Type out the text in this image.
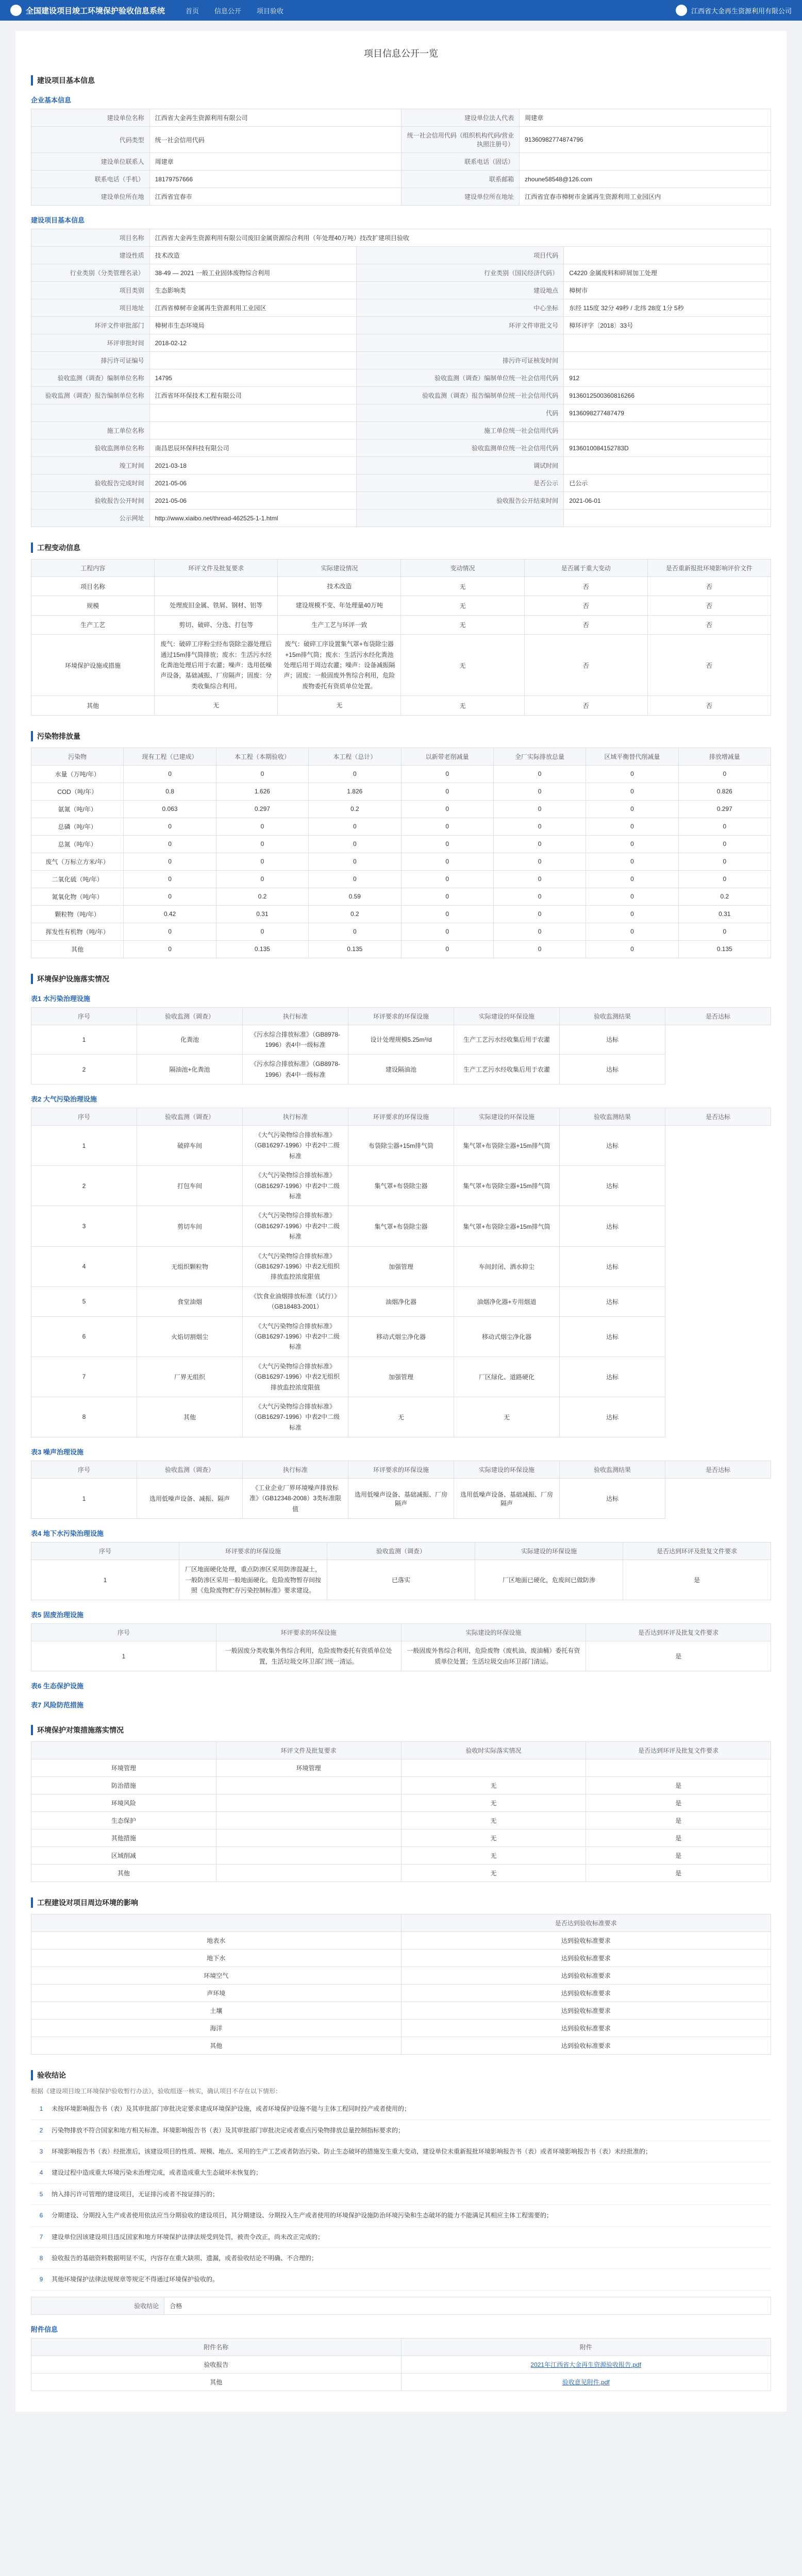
全国建设项目竣工环境保护验收信息系统	首页 信息公开 项目验收	江西省大金再生资源利用有限公司
项目信息公开一览
建设项目基本信息
企业基本信息
建设单位名称	江西省大金再生资源利用有限公司	建设单位法人代表	周建章
代码类型	统一社会信用代码	统一社会信用代码（组织机构代码/营业执照注册号）	91360982774874796
建设单位联系人	周建章	联系电话（固话）	
联系电话（手机）	18179757666	联系邮箱	zhoune58548@126.com
建设单位所在地	江西省宜春市	建设单位所在地址	江西省宜春市樟树市金属再生资源利用工业园区内
建设项目基本信息
项目名称	江西省大金再生资源利用有限公司废旧金属资源综合利用（年处理40万吨）技改扩建项目验收		
建设性质	技术改造	项目代码	
行业类别（分类管理名录）	38-49 — 2021 一般工业固体废物综合利用	行业类别（国民经济代码）	C4220 金属废料和碎屑加工处理
项目类别	生态影响类	建设地点	樟树市
项目地址	江西省樟树市金属再生资源利用工业园区	中心坐标	东经 115度 32分 49秒 / 北纬 28度 1分 5秒
环评文件审批部门	樟树市生态环境局	环评文件审批文号	樟环评字〔2018〕33号
环评审批时间	2018-02-12		
排污许可证编号		排污许可证核发时间	
验收监测（调查）编制单位名称	14795	验收监测（调查）编制单位统一社会信用代码	912
验收监测（调查）报告编制单位名称	江西省环环保技术工程有限公司	验收监测（调查）报告编制单位统一社会信用代码	9136012500360816266
		代码	9136098277487479
施工单位名称		施工单位统一社会信用代码	
验收监测单位名称	南昌思辰环保科技有限公司	验收监测单位统一社会信用代码	9136010084152783D
竣工时间	2021-03-18	调试时间	
验收报告完成时间	2021-05-06	是否公示	已公示
验收报告公开时间	2021-05-06	验收报告公开结束时间	2021-06-01
公示网址	http://www.xiaibo.net/thread-462525-1-1.html		
工程变动信息
工程内容	环评文件及批复要求	实际建设情况	变动情况	是否属于重大变动	是否重新报批环境影响评价文件
项目名称		技术改造	无	否	否
规模	处理废旧金属、铁屑、钢材、铝等	建设规模不变、年处理量40万吨	无	否	否
生产工艺	剪切、破碎、分选、打包等	生产工艺与环评一致	无	否	否
环境保护设施或措施	废气：破碎工序粉尘经布袋除尘器处理后通过15m排气筒排放；废水：生活污水经化粪池处理后用于农灌；噪声：选用低噪声设备，基础减振、厂房隔声；固废：分类收集综合利用。	废气：破碎工序设置集气罩+布袋除尘器+15m排气筒；废水：生活污水经化粪池处理后用于周边农灌；噪声：设备减振隔声；固废：一般固废外售综合利用，危险废物委托有资质单位处置。	无	否	否
其他	无	无	无	否	否
污染物排放量
污染物	现有工程（已建成）	本工程（本期验收）	本工程（总计）	以新带老削减量	全厂实际排放总量	区域平衡替代削减量	排放增减量
水量（万吨/年）	0	0	0	0	0	0	0
COD（吨/年）	0.8	1.626	1.826	0	0	0	0.826
氨氮（吨/年）	0.063	0.297	0.2	0	0	0	0.297
总磷（吨/年）	0	0	0	0	0	0	0
总氮（吨/年）	0	0	0	0	0	0	0
废气（万标立方米/年）	0	0	0	0	0	0	0
二氧化硫（吨/年）	0	0	0	0	0	0	0
氮氧化物（吨/年）	0	0.2	0.59	0	0	0	0.2
颗粒物（吨/年）	0.42	0.31	0.2	0	0	0	0.31
挥发性有机物（吨/年）	0	0	0	0	0	0	0
其他	0	0.135	0.135	0	0	0	0.135
环境保护设施落实情况
表1 水污染治理设施
序号	验收监测（调查）	执行标准	环评要求的环保设施	实际建设的环保设施	验收监测结果	是否达标
1	化粪池	《污水综合排放标准》（GB8978-1996）表4中一级标准	设计处理规模5.25m³/d	生产工艺污水经收集后用于农灌	达标	
2	隔油池+化粪池	《污水综合排放标准》（GB8978-1996）表4中一级标准	建设隔油池	生产工艺污水经收集后用于农灌	达标	
表2 大气污染治理设施
序号	验收监测（调查）	执行标准	环评要求的环保设施	实际建设的环保设施	验收监测结果	是否达标
1	破碎车间	《大气污染物综合排放标准》（GB16297-1996）中表2中二级标准	布袋除尘器+15m排气筒	集气罩+布袋除尘器+15m排气筒	达标	
2	打包车间	《大气污染物综合排放标准》（GB16297-1996）中表2中二级标准	集气罩+布袋除尘器	集气罩+布袋除尘器+15m排气筒	达标	
3	剪切车间	《大气污染物综合排放标准》（GB16297-1996）中表2中二级标准	集气罩+布袋除尘器	集气罩+布袋除尘器+15m排气筒	达标	
4	无组织颗粒物	《大气污染物综合排放标准》（GB16297-1996）中表2无组织排放监控浓度限值	加强管理	车间封闭、洒水抑尘	达标	
5	食堂油烟	《饮食业油烟排放标准（试行）》（GB18483-2001）	油烟净化器	油烟净化器+专用烟道	达标	
6	火焰切割烟尘	《大气污染物综合排放标准》（GB16297-1996）中表2中二级标准	移动式烟尘净化器	移动式烟尘净化器	达标	
7	厂界无组织	《大气污染物综合排放标准》（GB16297-1996）中表2无组织排放监控浓度限值	加强管理	厂区绿化、道路硬化	达标	
8	其他	《大气污染物综合排放标准》（GB16297-1996）中表2中二级标准	无	无	达标	
表3 噪声治理设施
序号	验收监测（调查）	执行标准	环评要求的环保设施	实际建设的环保设施	验收监测结果	是否达标
1	选用低噪声设备、减振、隔声	《工业企业厂界环境噪声排放标准》（GB12348-2008）3类标准限值	选用低噪声设备、基础减振、厂房隔声	选用低噪声设备、基础减振、厂房隔声	达标	
表4 地下水污染治理设施
序号	环评要求的环保设施	验收监测（调查）	实际建设的环保设施	是否达到环评及批复文件要求
1	厂区地面硬化处理，重点防渗区采用防渗混凝土，一般防渗区采用一般地面硬化。危险废物暂存间按照《危险废物贮存污染控制标准》要求建设。	已落实	厂区地面已硬化，危废间已做防渗	是
表5 固废治理设施
序号	环评要求的环保设施	实际建设的环保设施	是否达到环评及批复文件要求
1	一般固废分类收集外售综合利用，危险废物委托有资质单位处置，生活垃圾交环卫部门统一清运。	一般固废外售综合利用，危险废物（废机油、废油桶）委托有资质单位处置；生活垃圾交由环卫部门清运。	是
表6 生态保护设施
表7 风险防范措施
环境保护对策措施落实情况
	环评文件及批复要求	验收时实际落实情况	是否达到环评及批复文件要求
环境管理	环境管理		
防治措施		无	是
环境风险		无	是
生态保护		无	是
其他措施		无	是
区域削减		无	是
其他		无	是
工程建设对项目周边环境的影响
	是否达到验收标准要求
地表水	达到验收标准要求
地下水	达到验收标准要求
环境空气	达到验收标准要求
声环境	达到验收标准要求
土壤	达到验收标准要求
海洋	达到验收标准要求
其他	达到验收标准要求
验收结论
根据《建设项目竣工环境保护验收暂行办法》，验收组逐一核实，确认项目不存在以下情形：
1	未按环境影响报告书（表）及其审批部门审批决定要求建成环境保护设施，或者环境保护设施不能与主体工程同时投产或者使用的；
2	污染物排放不符合国家和地方相关标准、环境影响报告书（表）及其审批部门审批决定或者重点污染物排放总量控制指标要求的；
3	环境影响报告书（表）经批准后，该建设项目的性质、规模、地点、采用的生产工艺或者防治污染、防止生态破坏的措施发生重大变动，建设单位未重新报批环境影响报告书（表）或者环境影响报告书（表）未经批准的；
4	建设过程中造成重大环境污染未治理完成，或者造成重大生态破坏未恢复的；
5	纳入排污许可管理的建设项目，无证排污或者不按证排污的；
6	分期建设、分期投入生产或者使用依法应当分期验收的建设项目，其分期建设、分期投入生产或者使用的环境保护设施防治环境污染和生态破坏的能力不能满足其相应主体工程需要的；
7	建设单位因该建设项目违反国家和地方环境保护法律法规受到处罚，被责令改正，尚未改正完成的；
8	验收报告的基础资料数据明显不实，内容存在重大缺项、遗漏，或者验收结论不明确、不合理的；
9	其他环境保护法律法规规章等规定不得通过环境保护验收的。
验收结论	合格
附件信息
附件名称	附件
验收报告	2021年江西省大金再生资源验收报告.pdf
其他	验收意见附件.pdf
